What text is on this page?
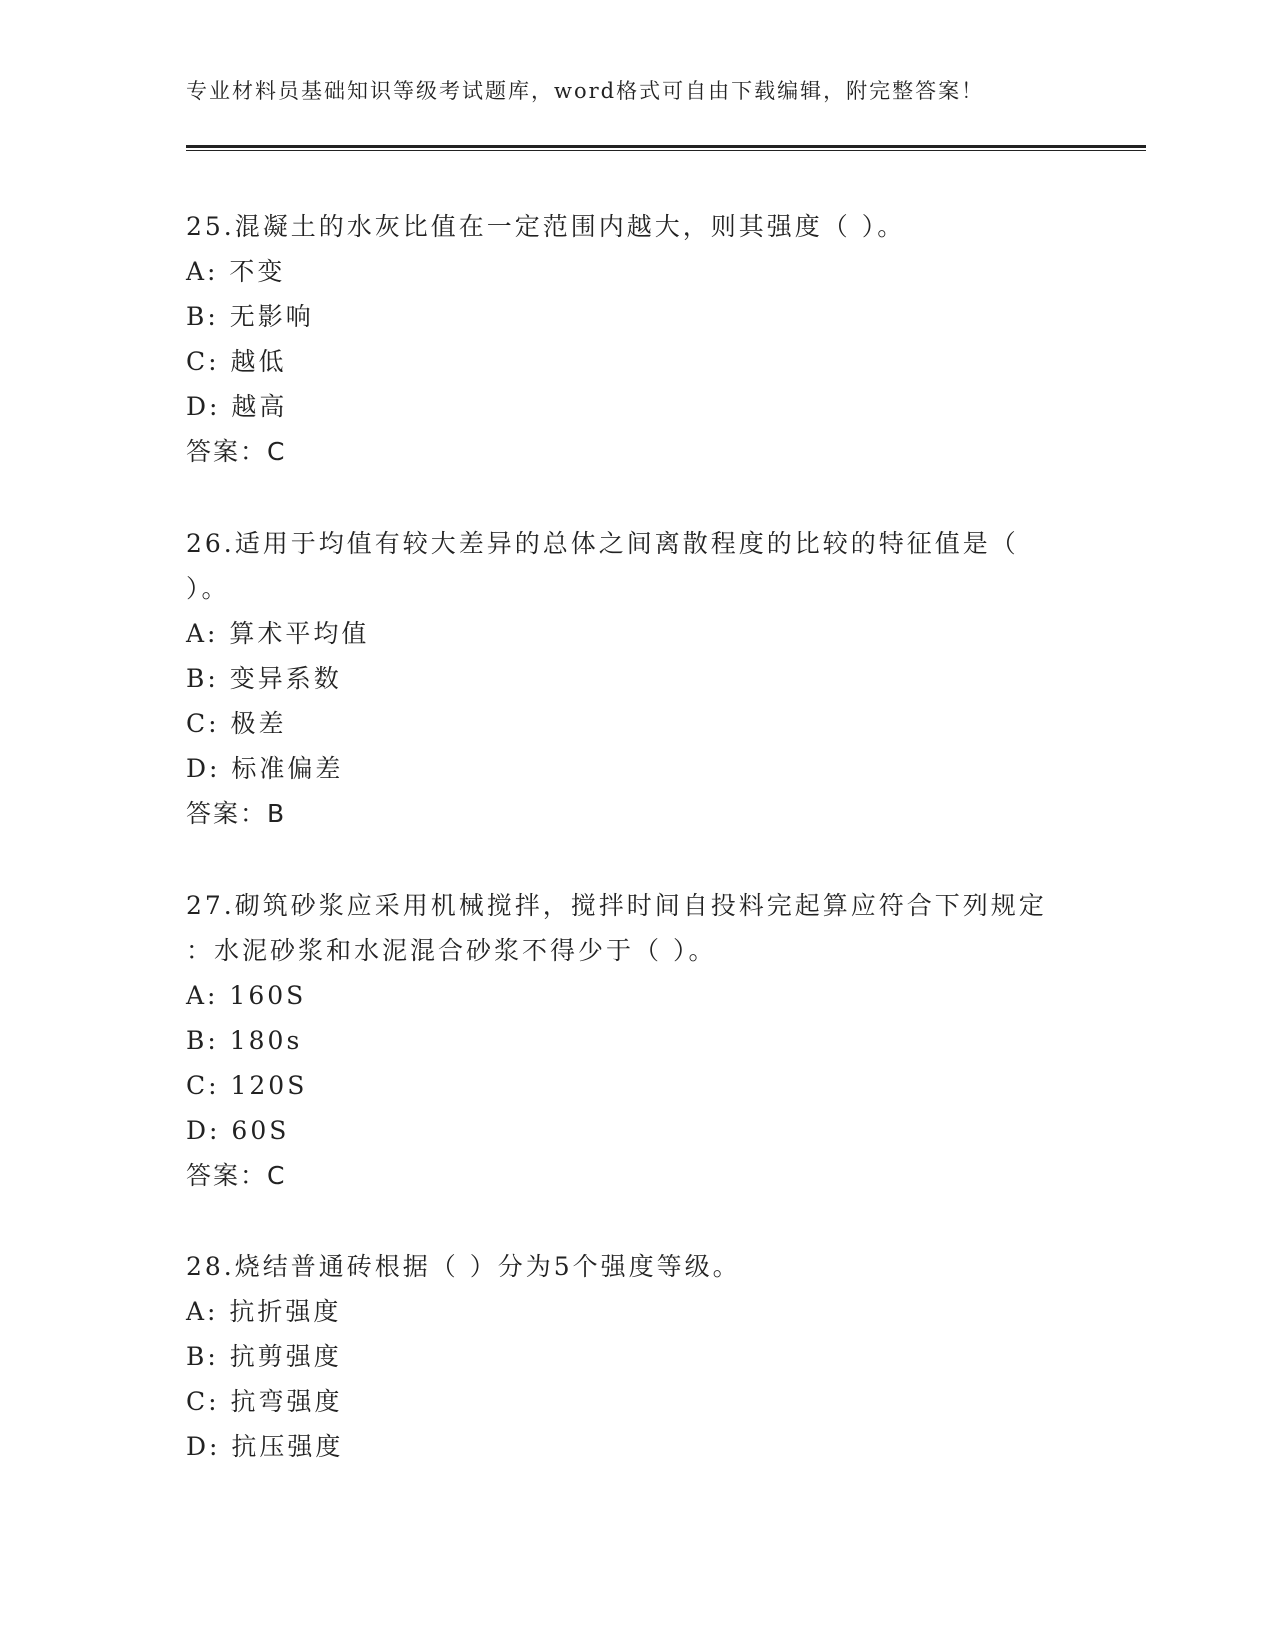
专业材料员基础知识等级考试题库，word格式可自由下载编辑，附完整答案！
25.混凝土的水灰比值在一定范围内越大，则其强度（ ）。
A: 不变
B: 无影响
C: 越低
D: 越高
答案：C
26.适用于均值有较大差异的总体之间离散程度的比较的特征值是（
）。
A: 算术平均值
B: 变异系数
C: 极差
D: 标准偏差
答案：B
27.砌筑砂浆应采用机械搅拌，搅拌时间自投料完起算应符合下列规定
：水泥砂浆和水泥混合砂浆不得少于（ ）。
A: 160S
B: 180s
C: 120S
D: 60S
答案：C
28.烧结普通砖根据（ ）分为5个强度等级。
A: 抗折强度
B: 抗剪强度
C: 抗弯强度
D: 抗压强度
